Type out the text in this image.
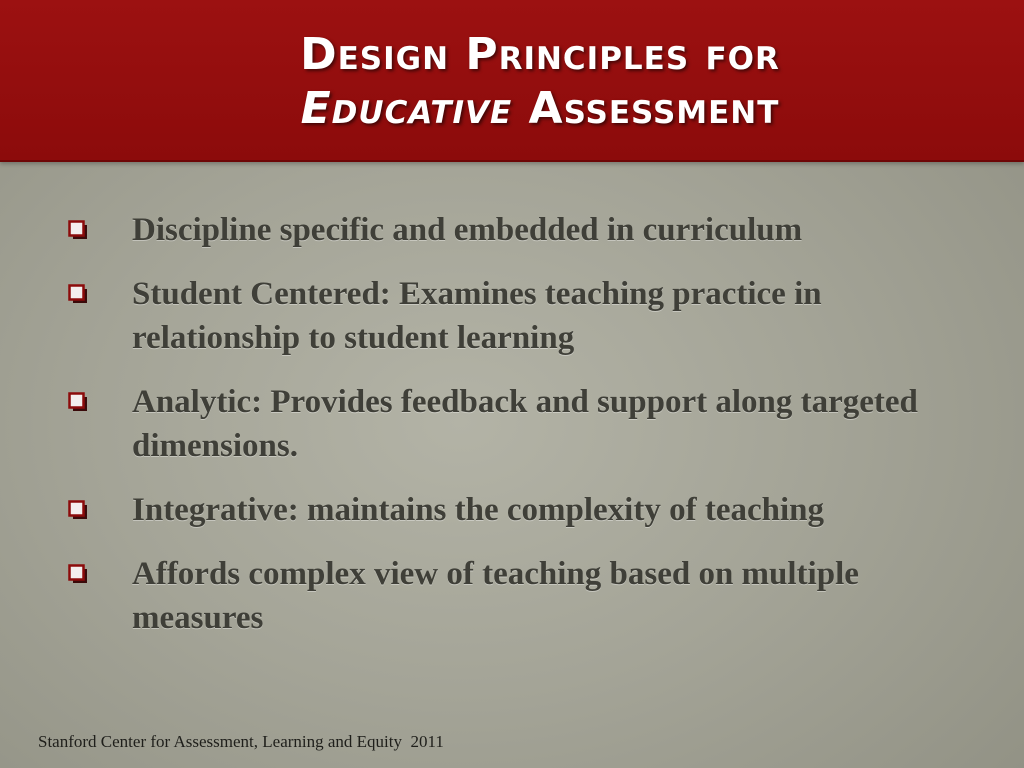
Design Principles for
Educative Assessment
Discipline specific and embedded in curriculum
Student Centered: Examines teaching practice in relationship to student learning
Analytic: Provides feedback and support along targeted dimensions.
Integrative: maintains the complexity of teaching
Affords complex view of teaching based on multiple measures
Stanford Center for Assessment, Learning and Equity  2011
